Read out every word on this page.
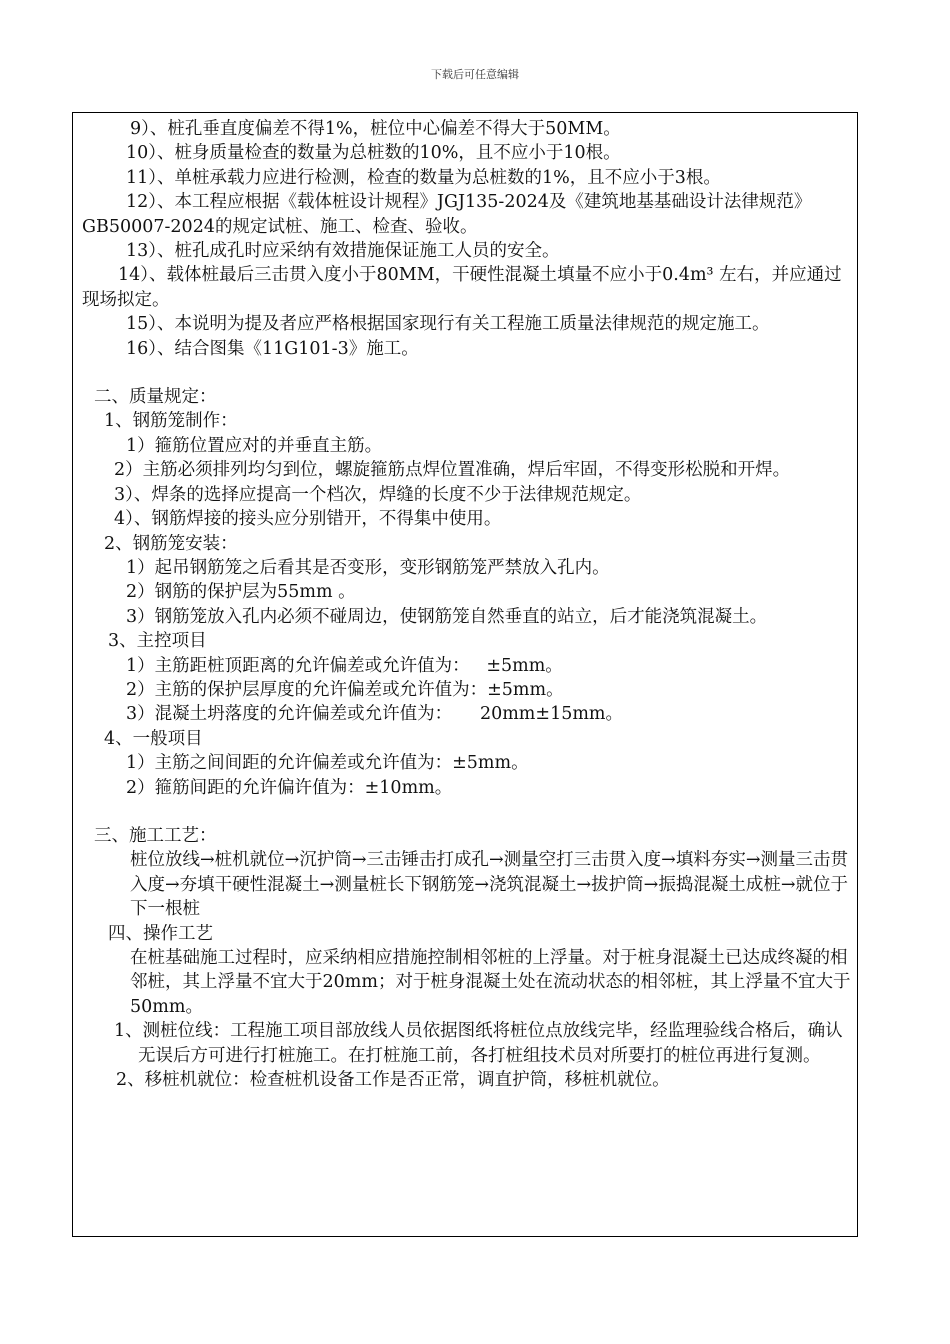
下载后可任意编辑

9）、桩孔垂直度偏差不得1%，桩位中心偏差不得大于50MM。

10）、桩身质量检查的数量为总桩数的10%，且不应小于10根。

11）、单桩承载力应进行检测，检查的数量为总桩数的1%，且不应小于3根。

12）、本工程应根据《载体桩设计规程》JGJ135-2024及《建筑地基基础设计法律规范》GB50007-2024的规定试桩、施工、检查、验收。

13）、桩孔成孔时应采纳有效措施保证施工人员的安全。

14）、载体桩最后三击贯入度小于80MM，干硬性混凝土填量不应小于0.4m³ 左右，并应通过现场拟定。

15）、本说明为提及者应严格根据国家现行有关工程施工质量法律规范的规定施工。

16）、结合图集《11G101-3》施工。

二、质量规定：

1、钢筋笼制作：

1）箍筋位置应对的并垂直主筋。

2）主筋必须排列均匀到位，螺旋箍筋点焊位置准确，焊后牢固，不得变形松脱和开焊。

3）、焊条的选择应提高一个档次，焊缝的长度不少于法律规范规定。

4）、钢筋焊接的接头应分别错开，不得集中使用。

2、钢筋笼安装：

1）起吊钢筋笼之后看其是否变形，变形钢筋笼严禁放入孔内。

2）钢筋的保护层为55mm 。

3）钢筋笼放入孔内必须不碰周边，使钢筋笼自然垂直的站立，后才能浇筑混凝土。

3、主控项目

1）主筋距桩顶距离的允许偏差或允许值为：   ±5mm。

2）主筋的保护层厚度的允许偏差或允许值为：±5mm。

3）混凝土坍落度的允许偏差或允许值为：     20mm±15mm。

4、一般项目

1）主筋之间间距的允许偏差或允许值为：±5mm。

2）箍筋间距的允许偏许值为：±10mm。

三、施工工艺：

桩位放线→桩机就位→沉护筒→三击锤击打成孔→测量空打三击贯入度→填料夯实→测量三击贯入度→夯填干硬性混凝土→测量桩长下钢筋笼→浇筑混凝土→拔护筒→振捣混凝土成桩→就位于下一根桩

四、操作工艺

在桩基础施工过程时，应采纳相应措施控制相邻桩的上浮量。对于桩身混凝土已达成终凝的相邻桩，其上浮量不宜大于20mm；对于桩身混凝土处在流动状态的相邻桩，其上浮量不宜大于50mm。

1、测桩位线：工程施工项目部放线人员依据图纸将桩位点放线完毕，经监理验线合格后，确认无误后方可进行打桩施工。在打桩施工前，各打桩组技术员对所要打的桩位再进行复测。

2、移桩机就位：检查桩机设备工作是否正常，调直护筒，移桩机就位。
